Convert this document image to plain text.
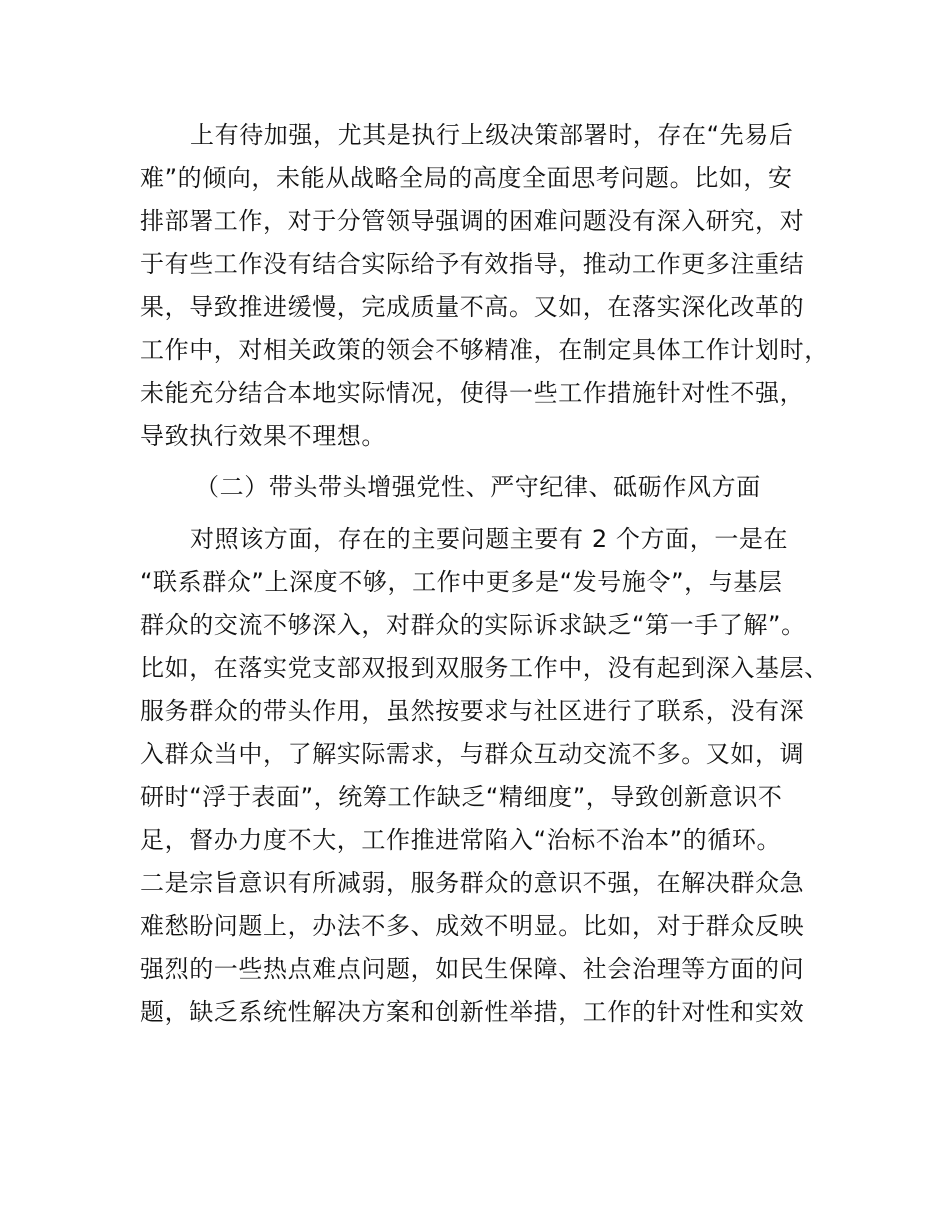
上有待加强，尤其是执行上级决策部署时，存在“先易后
难”的倾向，未能从战略全局的高度全面思考问题。比如，安
排部署工作，对于分管领导强调的困难问题没有深入研究，对
于有些工作没有结合实际给予有效指导，推动工作更多注重结
果，导致推进缓慢，完成质量不高。又如，在落实深化改革的
工作中，对相关政策的领会不够精准，在制定具体工作计划时，
未能充分结合本地实际情况，使得一些工作措施针对性不强，
导致执行效果不理想。
（二）带头带头增强党性、严守纪律、砥砺作风方面
对照该方面，存在的主要问题主要有 2 个方面，一是在
“联系群众”上深度不够，工作中更多是“发号施令”，与基层
群众的交流不够深入，对群众的实际诉求缺乏“第一手了解”。
比如，在落实党支部双报到双服务工作中，没有起到深入基层、
服务群众的带头作用，虽然按要求与社区进行了联系，没有深
入群众当中，了解实际需求，与群众互动交流不多。又如，调
研时“浮于表面”，统筹工作缺乏“精细度”，导致创新意识不
足，督办力度不大，工作推进常陷入“治标不治本”的循环。
二是宗旨意识有所减弱，服务群众的意识不强，在解决群众急
难愁盼问题上，办法不多、成效不明显。比如，对于群众反映
强烈的一些热点难点问题，如民生保障、社会治理等方面的问
题，缺乏系统性解决方案和创新性举措，工作的针对性和实效
